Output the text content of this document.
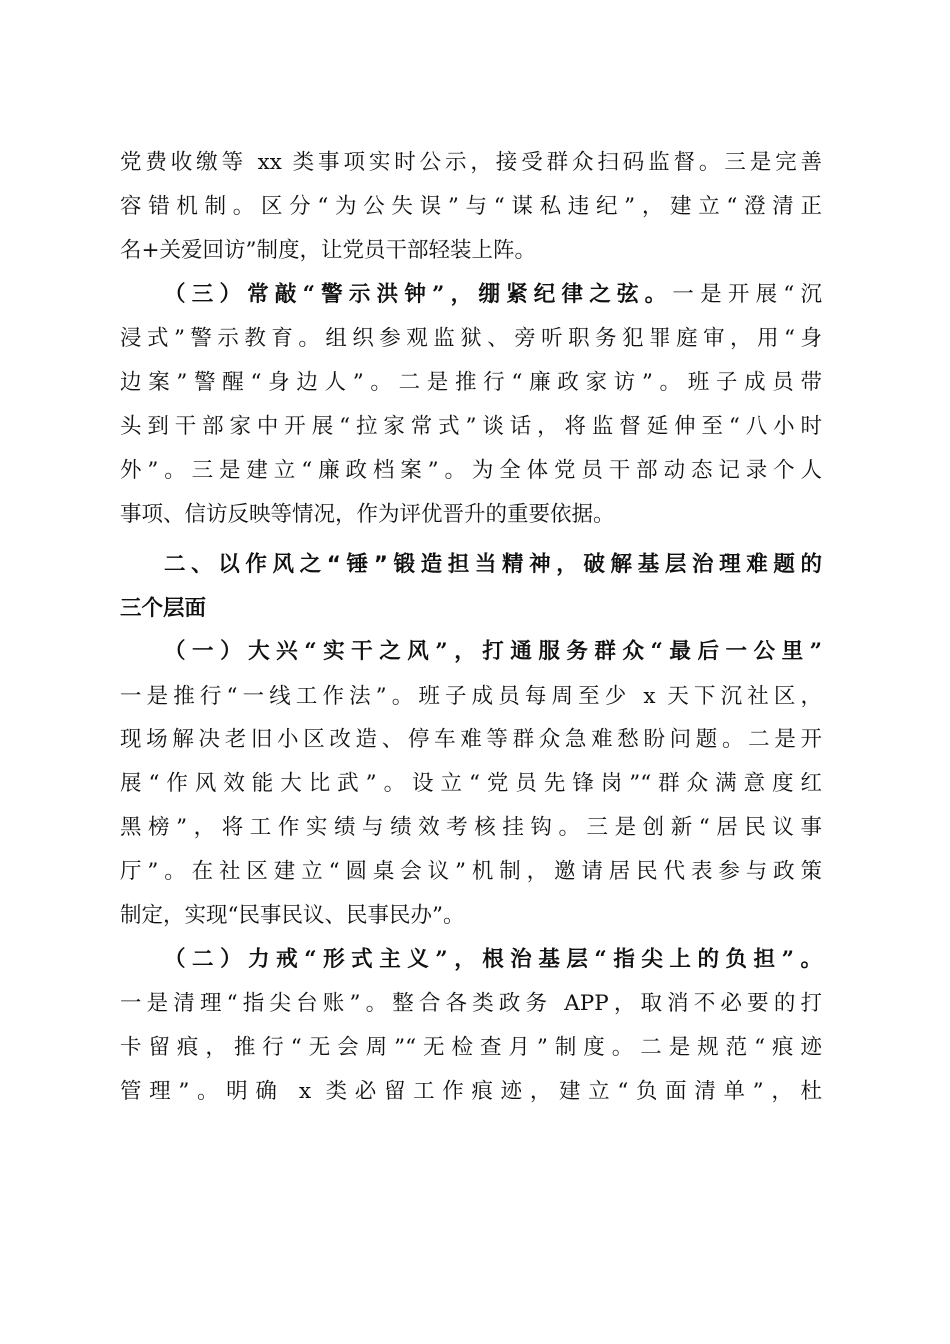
党费收缴等 xx 类事项实时公示，接受群众扫码监督。三是完善
容错机制。区分“为公失误”与“谋私违纪”，建立“澄清正
名+关爱回访”制度，让党员干部轻装上阵。
（三）常敲“警示洪钟”，绷紧纪律之弦。一是开展“沉
浸式”警示教育。组织参观监狱、旁听职务犯罪庭审，用“身
边案”警醒“身边人”。二是推行“廉政家访”。班子成员带
头到干部家中开展“拉家常式”谈话，将监督延伸至“八小时
外”。三是建立“廉政档案”。为全体党员干部动态记录个人
事项、信访反映等情况，作为评优晋升的重要依据。
二、以作风之“锤”锻造担当精神，破解基层治理难题的
三个层面
（一）大兴“实干之风”，打通服务群众“最后一公里”
一是推行“一线工作法”。班子成员每周至少 x 天下沉社区，
现场解决老旧小区改造、停车难等群众急难愁盼问题。二是开
展“作风效能大比武”。设立“党员先锋岗”“群众满意度红
黑榜”，将工作实绩与绩效考核挂钩。三是创新“居民议事
厅”。在社区建立“圆桌会议”机制，邀请居民代表参与政策
制定，实现“民事民议、民事民办”。
（二）力戒“形式主义”，根治基层“指尖上的负担”。
一是清理“指尖台账”。整合各类政务 APP，取消不必要的打
卡留痕，推行“无会周”“无检查月”制度。二是规范“痕迹
管理”。明确 x 类必留工作痕迹，建立“负面清单”，杜
